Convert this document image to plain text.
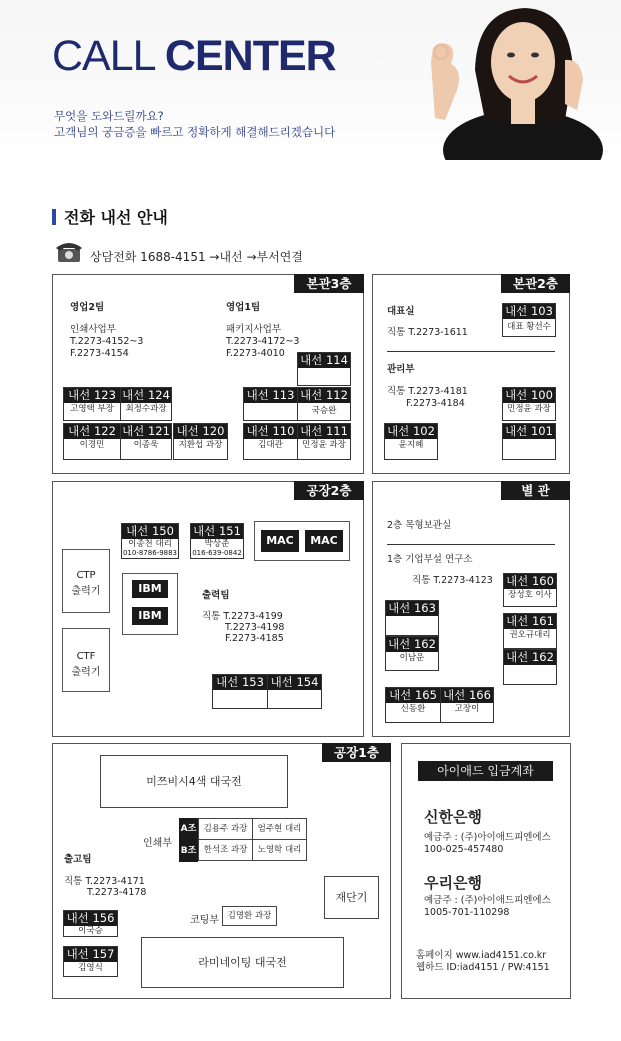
CALL CENTER
무엇을 도와드릴까요?
고객님의 궁금증을 빠르고 정확하게 해결해드리겠습니다
전화 내선 안내
상담전화 1688-4151 →내선 →부서연결
본관3층
영업2팀
인쇄사업부
T.2273-4152~3
F.2273-4154
영업1팀
패키지사업부
T.2273-4172~3
F.2273-4010 내선 114
내선 123
고영택 부장
내선 124
최정수과장
내선 113 내선 112
국승완
내선 122
이경민
내선 121
이종욱
내선 120
지환섭 과장
내선 110
김대관
내선 111
민정윤 과장
본관2층
대표실
직통 T.2273-1611
내선 103
대표 황선수
관리부
직통 T.2273-4181
F.2273-4184
내선 100
민정윤 과장
내선 102
윤지혜
내선 101
공장2층
내선 150
이종천 대리
010-8786-9883
내선 151
박상준
016-639-0842
MAC	MAC
CTP
출력기	IBM
IBM
출력팀
직통 T.2273-4199
T.2273-4198
F.2273-4185
CTF
출력기
내선 153 내선 154
별 관
2층 목형보관실
1층 기업부설 연구소
직통 T.2273-4123 내선 160
장성호 이사
내선 163
내선 161
권오규대리
내선 162
이남운	내선 162
내선 165
신동환
내선 166
고장이
공장1층
미쯔비시4색 대국전
인쇄부
A조
B조
김용주 과장	엄주현 대리
한석조 과장	노영학 대리
출고팀
직통 T.2273-4171
T.2273-4178	재단기
내선 156
이국승
코팅부	김명환 과장
내선 157
김영식	라미네이팅 대국전
아이애드 입금계좌
신한은행
예금주 : (주)아이애드피엔에스
100-025-457480
우리은행
예금주 : (주)아이애드피엔에스
1005-701-110298
홈페이지 www.iad4151.co.kr
웹하드 ID:iad4151 / PW:4151
